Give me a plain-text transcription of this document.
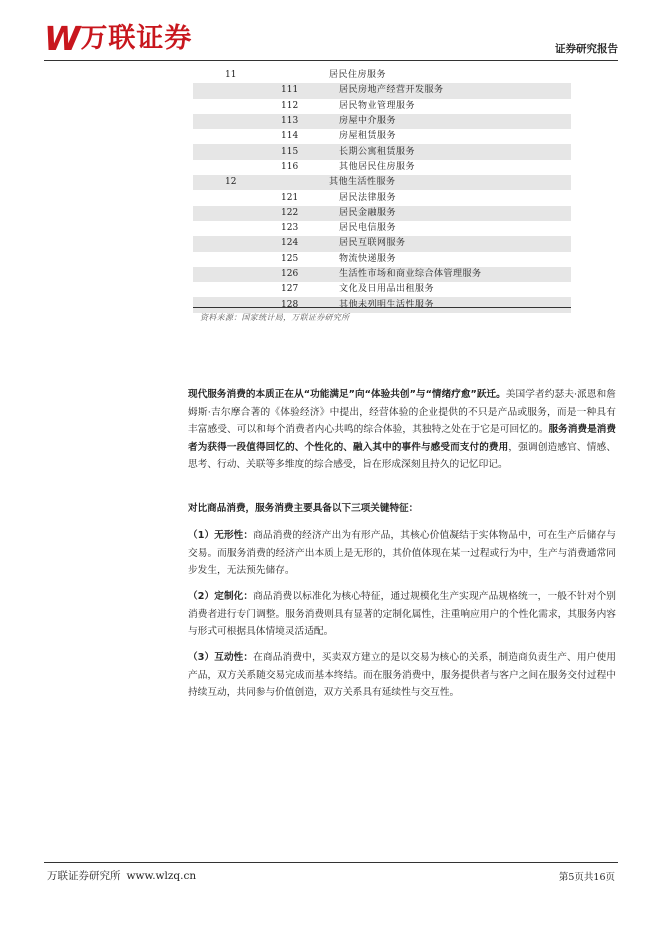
W 万联证券	证券研究报告
11		居民住房服务
	111	居民房地产经营开发服务
	112	居民物业管理服务
	113	房屋中介服务
	114	房屋租赁服务
	115	长期公寓租赁服务
	116	其他居民住房服务
12		其他生活性服务
	121	居民法律服务
	122	居民金融服务
	123	居民电信服务
	124	居民互联网服务
	125	物流快递服务
	126	生活性市场和商业综合体管理服务
	127	文化及日用品出租服务
	128	其他未列明生活性服务
资料来源：国家统计局，万联证券研究所

现代服务消费的本质正在从“功能满足”向“体验共创”与“情绪疗愈”跃迁。美国学者约瑟夫·派恩和詹姆斯·吉尔摩合著的《体验经济》中提出，经营体验的企业提供的不只是产品或服务，而是一种具有丰富感受、可以和每个消费者内心共鸣的综合体验，其独特之处在于它是可回忆的。服务消费是消费者为获得一段值得回忆的、个性化的、融入其中的事件与感受而支付的费用，强调创造感官、情感、思考、行动、关联等多维度的综合感受，旨在形成深刻且持久的记忆印记。

对比商品消费，服务消费主要具备以下三项关键特征：

（1）无形性：商品消费的经济产出为有形产品，其核心价值凝结于实体物品中，可在生产后储存与交易。而服务消费的经济产出本质上是无形的，其价值体现在某一过程或行为中，生产与消费通常同步发生，无法预先储存。

（2）定制化：商品消费以标准化为核心特征，通过规模化生产实现产品规格统一，一般不针对个别消费者进行专门调整。服务消费则具有显著的定制化属性，注重响应用户的个性化需求，其服务内容与形式可根据具体情境灵活适配。

（3）互动性：在商品消费中，买卖双方建立的是以交易为核心的关系，制造商负责生产、用户使用产品，双方关系随交易完成而基本终结。而在服务消费中，服务提供者与客户之间在服务交付过程中持续互动，共同参与价值创造，双方关系具有延续性与交互性。

万联证券研究所 www.wlzq.cn	第5页共16页
